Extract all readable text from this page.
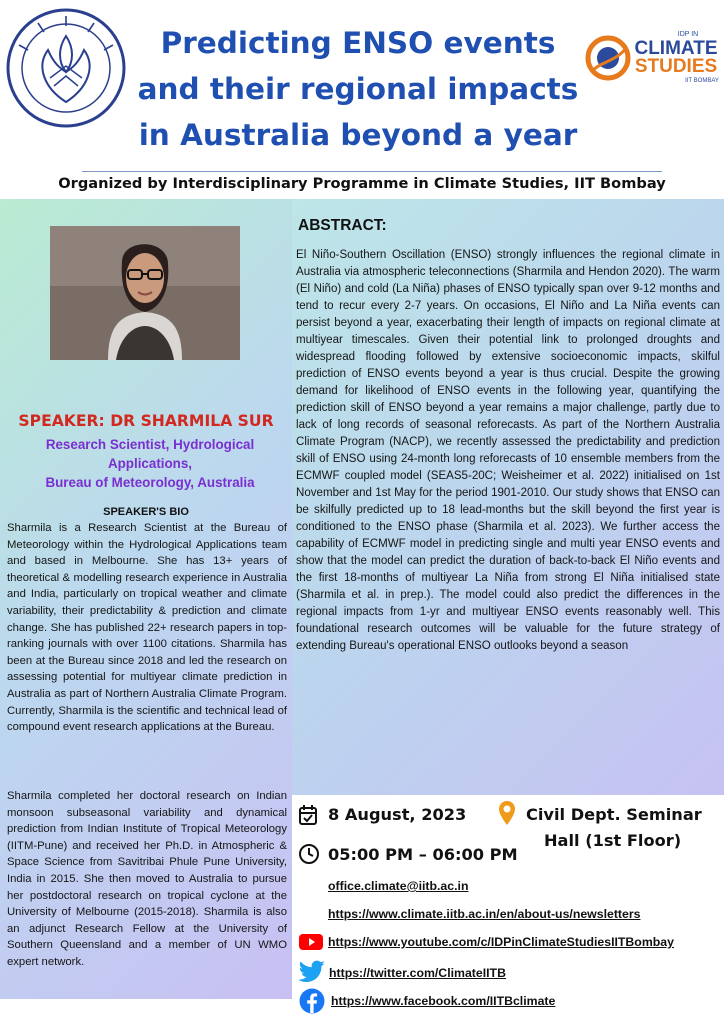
IDP IN
CLIMATE
STUDIES
IIT BOMBAY
Predicting ENSO events
and their regional impacts
in Australia beyond a year
Organized by Interdisciplinary Programme in Climate Studies, IIT Bombay
SPEAKER: DR SHARMILA SUR
Research Scientist, Hydrological
Applications,
Bureau of Meteorology, Australia
SPEAKER'S BIO

Sharmila is a Research Scientist at the Bureau of Meteorology within the Hydrological Applications team and based in Melbourne. She has 13+ years of theoretical & modelling research experience in Australia and India, particularly on tropical weather and climate variability, their predictability & prediction and climate change. She has published 22+ research papers in top-ranking journals with over 1100 citations. Sharmila has been at the Bureau since 2018 and led the research on assessing potential for multiyear climate prediction in Australia as part of Northern Australia Climate Program. Currently, Sharmila is the scientific and technical lead of compound event research applications at the Bureau.

Sharmila completed her doctoral research on Indian monsoon subseasonal variability and dynamical prediction from Indian Institute of Tropical Meteorology (IITM-Pune) and received her Ph.D. in Atmospheric & Space Science from Savitribai Phule Pune University, India in 2015. She then moved to Australia to pursue her postdoctoral research on tropical cyclone at the University of Melbourne (2015-2018). Sharmila is also an adjunct Research Fellow at the University of Southern Queensland and a member of UN WMO expert network.

ABSTRACT:

El Niño-Southern Oscillation (ENSO) strongly influences the regional climate in Australia via atmospheric teleconnections (Sharmila and Hendon 2020). The warm (El Niño) and cold (La Niña) phases of ENSO typically span over 9-12 months and tend to recur every 2-7 years. On occasions, El Niño and La Niña events can persist beyond a year, exacerbating their length of impacts on regional climate at multiyear timescales. Given their potential link to prolonged droughts and widespread flooding followed by extensive socioeconomic impacts, skilful prediction of ENSO events beyond a year is thus crucial. Despite the growing demand for likelihood of ENSO events in the following year, quantifying the prediction skill of ENSO beyond a year remains a major challenge, partly due to lack of long records of seasonal reforecasts. As part of the Northern Australia Climate Program (NACP), we recently assessed the predictability and prediction skill of ENSO using 24-month long reforecasts of 10 ensemble members from the ECMWF coupled model (SEAS5-20C; Weisheimer et al. 2022) initialised on 1st November and 1st May for the period 1901-2010. Our study shows that ENSO can be skilfully predicted up to 18 lead-months but the skill beyond the first year is conditioned to the ENSO phase (Sharmila et al. 2023). We further access the capability of ECMWF model in predicting single and multi year ENSO events and show that the model can predict the duration of back-to-back El Niño events and the first 18-months of multiyear La Niña from strong El Niña initialised state (Sharmila et al. in prep.). The model could also predict the differences in the regional impacts from 1-yr and multiyear ENSO events reasonably well. This foundational research outcomes will be valuable for the future strategy of extending Bureau's operational ENSO outlooks beyond a season

8 August, 2023
05:00 PM – 06:00 PM
Civil Dept. Seminar
Hall (1st Floor)
office.climate@iitb.ac.in
https://www.climate.iitb.ac.in/en/about-us/newsletters
https://www.youtube.com/c/IDPinClimateStudiesIITBombay
https://twitter.com/ClimateIITB
https://www.facebook.com/IITBclimate
